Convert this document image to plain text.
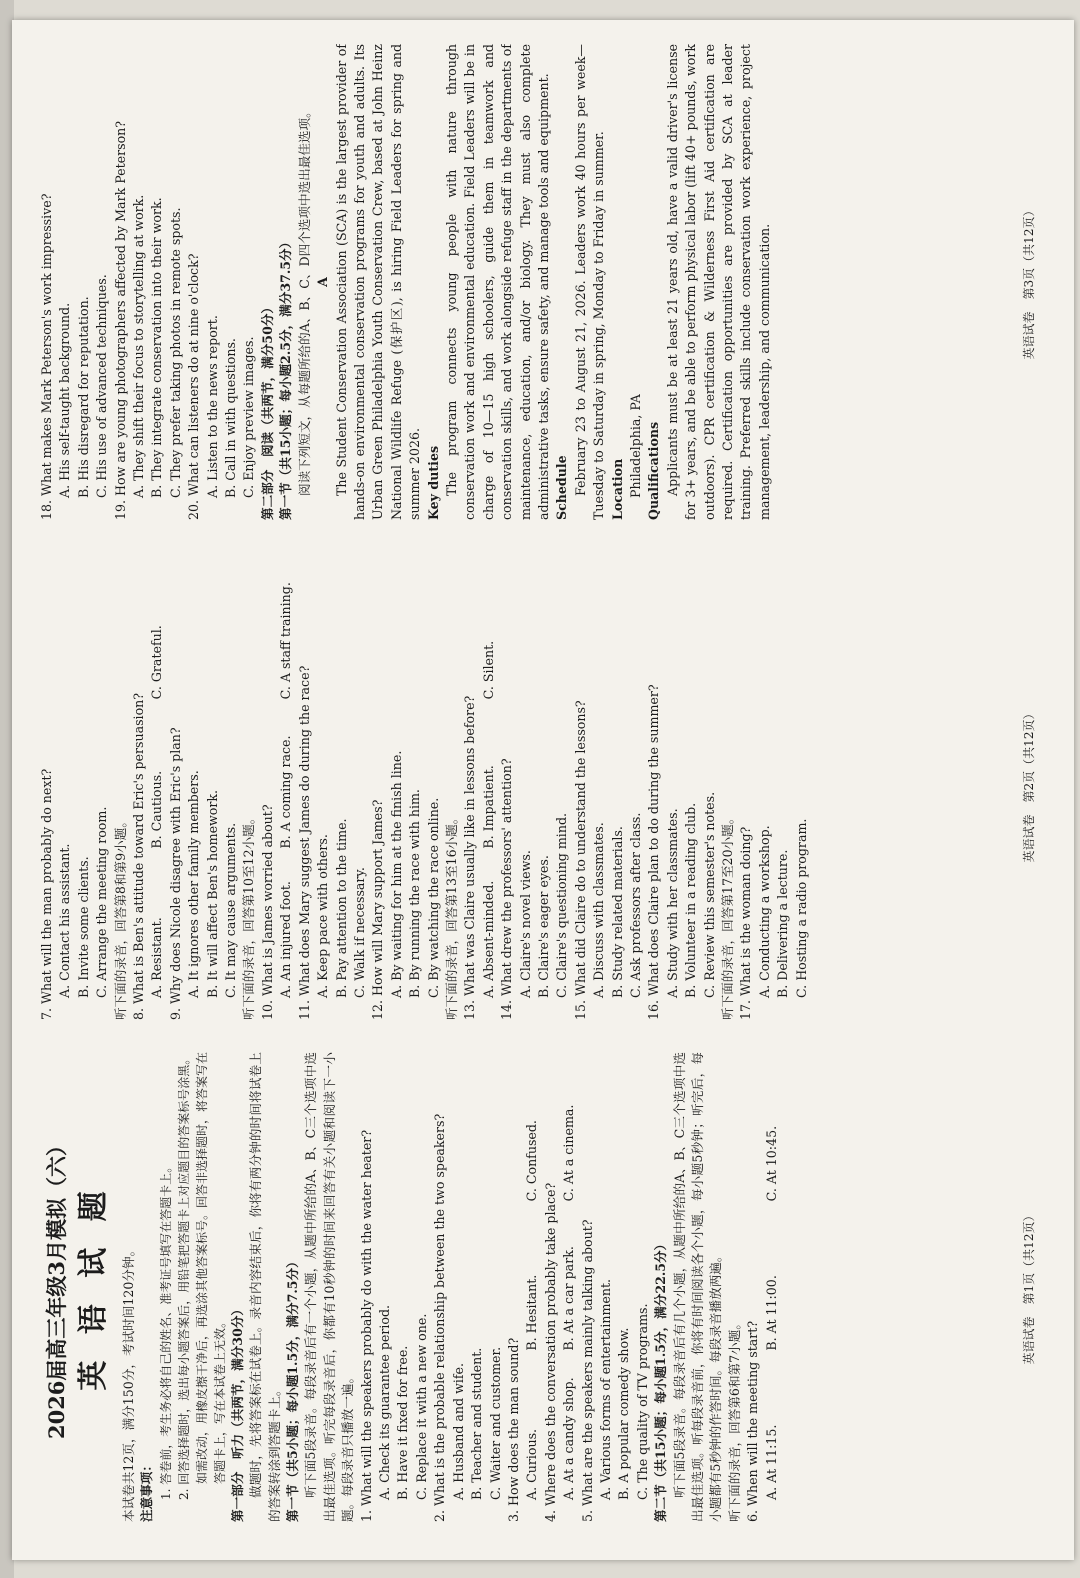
2026届高三年级3月模拟（六） 英 语 试 题 本试卷共12页，满分150分，考试时间120分钟。 注意事项： 1. 答卷前，考生务必将自己的姓名、准考证号填写在答题卡上。 2. 回答选择题时，选出每小题答案后，用铅笔把答题卡上对应题目的答案标号涂黑。如需改动，用橡皮擦干净后，再选涂其他答案标号。回答非选择题时，将答案写在答题卡上，写在本试卷上无效。 第一部分　听力（共两节，满分30分） 做题时，先将答案标在试卷上。录音内容结束后，你将有两分钟的时间将试卷上的答案转涂到答题卡上。 第一节（共5小题；每小题1.5分，满分7.5分） 听下面5段录音。每段录音后有一个小题，从题中所给的A、B、C三个选项中选出最佳选项。听完每段录音后，你都有10秒钟的时间来回答有关小题和阅读下一小题。每段录音只播放一遍。 1. What will the speakers probably do with the water heater? A. Check its guarantee period. B. Have it fixed for free. C. Replace it with a new one. 2. What is the probable relationship between the two speakers? A. Husband and wife. B. Teacher and student. C. Waiter and customer. 3. How does the man sound? A. Curious.
B. Hesitant.
C. Confused.

4. Where does the conversation probably take place? A. At a candy shop.
B. At a car park.
C. At a cinema.

5. What are the speakers mainly talking about? A. Various forms of entertainment. B. A popular comedy show. C. The quality of TV programs. 第二节（共15小题；每小题1.5分，满分22.5分） 听下面5段录音。每段录音后有几个小题，从题中所给的A、B、C三个选项中选出最佳选项。听每段录音前，你将有时间阅读各个小题，每小题5秒钟；听完后，每小题都有5秒钟的作答时间。每段录音播放两遍。 听下面的录音，回答第6和第7小题。 6. When will the meeting start? A. At 11:15.
B. At 11:00.
C. At 10:45.
英语试卷　第1页（共12页）

7. What will the man probably do next? A. Contact his assistant. B. Invite some clients. C. Arrange the meeting room. 听下面的录音，回答第8和第9小题。 8. What is Ben's attitude toward Eric's persuasion? A. Resistant.
B. Cautious.
C. Grateful.

9. Why does Nicole disagree with Eric's plan? A. It ignores other family members. B. It will affect Ben's homework. C. It may cause arguments. 听下面的录音，回答第10至12小题。 10. What is James worried about? A. An injured foot.
B. A coming race.
C. A staff training.

11. What does Mary suggest James do during the race? A. Keep pace with others. B. Pay attention to the time. C. Walk if necessary. 12. How will Mary support James? A. By waiting for him at the finish line. B. By running the race with him. C. By watching the race online. 听下面的录音，回答第13至16小题。 13. What was Claire usually like in lessons before? A. Absent-minded.
B. Impatient.
C. Silent.

14. What drew the professors' attention? A. Claire's novel views. B. Claire's eager eyes. C. Claire's questioning mind. 15. What did Claire do to understand the lessons? A. Discuss with classmates. B. Study related materials. C. Ask professors after class. 16. What does Claire plan to do during the summer? A. Study with her classmates. B. Volunteer in a reading club. C. Review this semester's notes. 听下面的录音，回答第17至20小题。 17. What is the woman doing? A. Conducting a workshop. B. Delivering a lecture. C. Hosting a radio program.

英语试卷　第2页（共12页）

18. What makes Mark Peterson's work impressive? A. His self-taught background. B. His disregard for reputation. C. His use of advanced techniques. 19. How are young photographers affected by Mark Peterson? A. They shift their focus to storytelling at work. B. They integrate conservation into their work. C. They prefer taking photos in remote spots. 20. What can listeners do at nine o'clock? A. Listen to the news report. B. Call in with questions. C. Enjoy preview images. 第二部分　阅读（共两节，满分50分） 第一节（共15小题；每小题2.5分，满分37.5分） 阅读下列短文，从每题所给的A、B、C、D四个选项中选出最佳选项。 A The Student Conservation Association (SCA) is the largest provider of hands-on environmental conservation programs for youth and adults. Its Urban Green Philadelphia Youth Conservation Crew, based at John Heinz National Wildlife Refuge (保护区), is hiring Field Leaders for spring and summer 2026. Key duties The program connects young people with nature through conservation work and environmental education. Field Leaders will be in charge of 10—15 high schoolers, guide them in teamwork and conservation skills, and work alongside refuge staff in the departments of maintenance, education, and/or biology. They must also complete administrative tasks, ensure safety, and manage tools and equipment. Schedule February 23 to August 21, 2026. Leaders work 40 hours per week—Tuesday to Saturday in spring, Monday to Friday in summer. Location Philadelphia, PA Qualifications Applicants must be at least 21 years old, have a valid driver's license for 3+ years, and be able to perform physical labor (lift 40+ pounds, work outdoors). CPR certification & Wilderness First Aid certification are required. Certification opportunities are provided by SCA at leader training. Preferred skills include conservation work experience, project management, leadership, and communication.	英语试卷　第3页（共12页）
